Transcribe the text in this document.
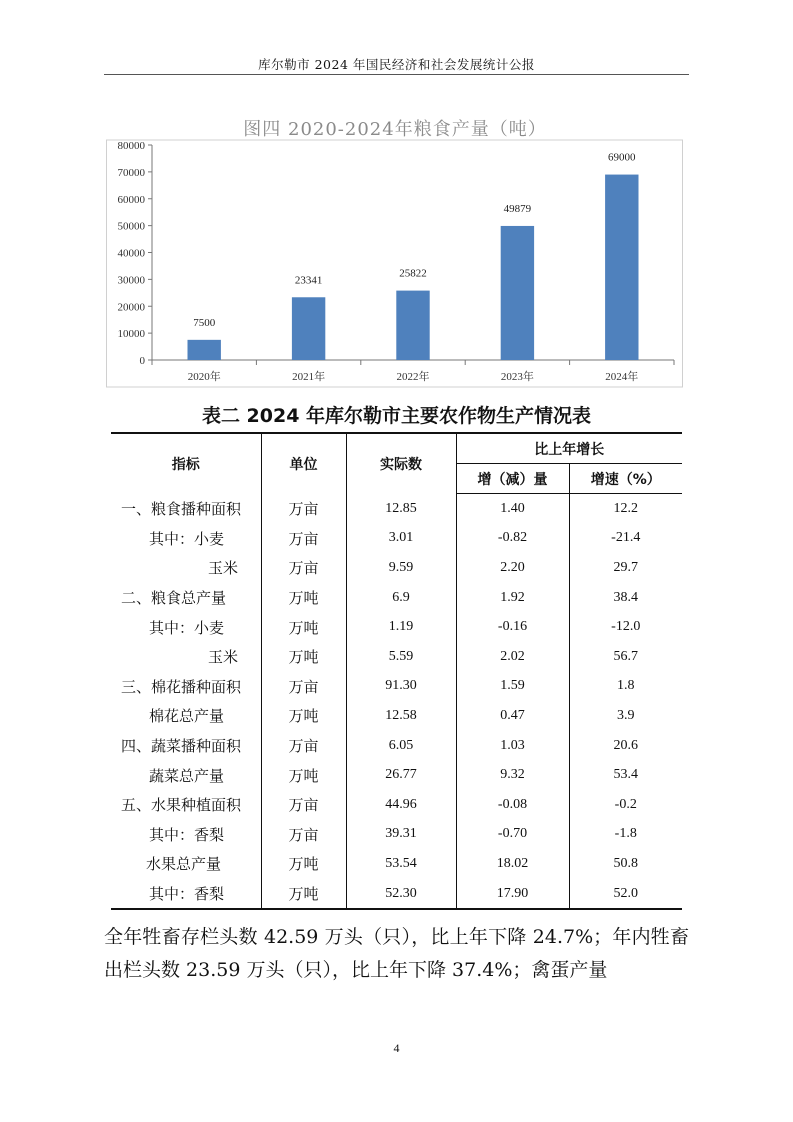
库尔勒市 2024 年国民经济和社会发展统计公报
图四 2020-2024年粮食产量（吨）
0
10000
20000
30000
40000
50000
60000
70000
80000
2020年	2021年	2022年	2023年	2024年
7500
23341
25822
49879
69000
表二 2024 年库尔勒市主要农作物生产情况表
指标	单位	实际数	比上年增长	
			增（减）量	增速（%）
一、粮食播种面积	万亩	12.85	1.40	12.2
其中：小麦	万亩	3.01	-0.82	-21.4
玉米	万亩	9.59	2.20	29.7
二、粮食总产量	万吨	6.9	1.92	38.4
其中：小麦	万吨	1.19	-0.16	-12.0
玉米	万吨	5.59	2.02	56.7
三、棉花播种面积	万亩	91.30	1.59	1.8
棉花总产量	万吨	12.58	0.47	3.9
四、蔬菜播种面积	万亩	6.05	1.03	20.6
蔬菜总产量	万吨	26.77	9.32	53.4
五、水果种植面积	万亩	44.96	-0.08	-0.2
其中：香梨	万亩	39.31	-0.70	-1.8
水果总产量	万吨	53.54	18.02	50.8
其中：香梨	万吨	52.30	17.90	52.0
全年牲畜存栏头数 42.59 万头（只），比上年下降 24.7%；年内牲畜出栏头数 23.59 万头（只），比上年下降 37.4%；禽蛋产量
4
